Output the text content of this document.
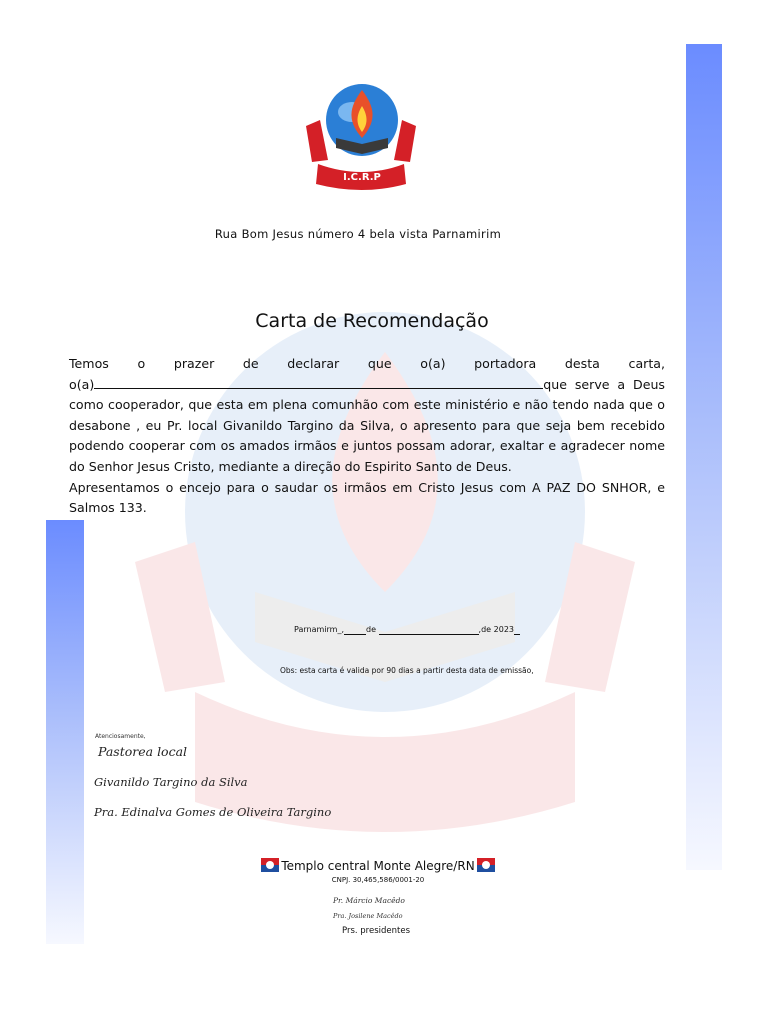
I.C.R.P
Rua Bom Jesus número 4 bela vista Parnamirim
Carta de Recomendação

Temos o prazer de declarar que o(a) portadora desta carta,

o(a)	que serve a Deus

como cooperador, que esta em plena comunhão com este ministério e não tendo nada que o desabone , eu Pr. local Givanildo Targino da Silva, o apresento para que seja bem recebido podendo cooperar com os amados irmãos e juntos possam adorar, exaltar e agradecer nome do Senhor Jesus Cristo, mediante a direção do Espirito Santo de Deus.

Apresentamos o encejo para o saudar os irmãos em Cristo Jesus com A PAZ DO SNHOR, e Salmos 133.

Parnamirm_,	de	,de 2023
Obs: esta carta é valida por 90 dias a partir desta data de emissão,
Atenciosamente,
Pastorea local
Givanildo Targino da Silva
Pra. Edinalva Gomes de Oliveira Targino
Templo central Monte Alegre/RN
CNPJ. 30,465,586/0001-20
Pr. Márcio Macêdo
Pra. Josilene Macêdo
Prs. presidentes
